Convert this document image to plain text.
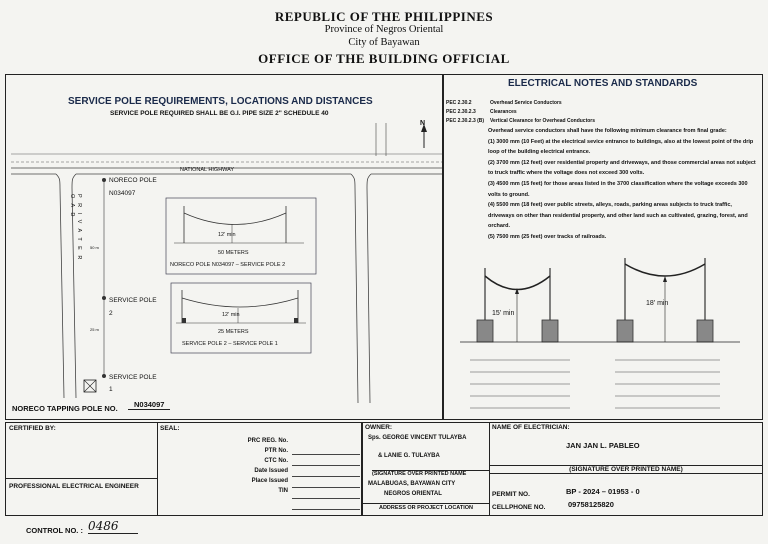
REPUBLIC OF THE PHILIPPINES
Province of Negros Oriental
City of Bayawan
OFFICE OF THE BUILDING OFFICIAL
SERVICE POLE REQUIREMENTS, LOCATIONS AND DISTANCES
SERVICE POLE REQUIRED SHALL BE G.I. PIPE SIZE 2" SCHEDULE 40
N
NATIONAL HIGHWAY
P R I V A T E R O A D
NORECO POLE
N034097
SERVICE POLE
2
SERVICE POLE
1
50 m
25 m
12' min
50 METERS
NORECO POLE N034097 – SERVICE POLE 2
12' min
25 METERS
SERVICE POLE 2 – SERVICE POLE 1
NORECO TAPPING POLE NO.	N034097
ELECTRICAL NOTES AND STANDARDS
PEC 2.30.2	Overhead Service Conductors
PEC 2.30.2.3	Clearances
PEC 2.30.2.3 (B) Vertical Clearance for Overhead Conductors
Overhead service conductors shall have the following minimum clearance from final grade:
(1) 3000 mm (10 Feet) at the electrical sevice entrance to buildings, also at the lowest point of the drip loop of the building electrical entrance.
(2) 3700 mm (12 feet) over residential property and driveways, and those commercial areas not subject to truck traffic where the voltage does not exceed 300 volts.
(3) 4500 mm (15 feet) for those areas listed in the 3700 classification where the voltage exceeds 300 volts to ground.
(4) 5500 mm (18 feet) over public streets, alleys, roads, parking areas subjects to truck traffic, driveways on other than residential property, and other land such as cultivated, grazing, forest, and orchard.
(5) 7500 mm (25 feet) over tracks of railroads.
15' min
18' min
CERTIFIED BY:
PROFESSIONAL ELECTRICAL ENGINEER
SEAL:
PRC REG. No.
PTR No.
CTC No.
Date Issued
Place Issued
TIN
OWNER:
Sps. GEORGE VINCENT TULAYBA
& LANIE G. TULAYBA
(SIGNATURE OVER PRINTED NAME
MALABUGAS, BAYAWAN CITY
NEGROS ORIENTAL
ADDRESS OR PROJECT LOCATION
NAME OF ELECTRICIAN:
JAN JAN L. PABLEO
(SIGNATURE OVER PRINTED NAME)
PERMIT NO.	BP - 2024 – 01953 - 0
CELLPHONE NO.	09758125820
CONTROL NO. : 0486
